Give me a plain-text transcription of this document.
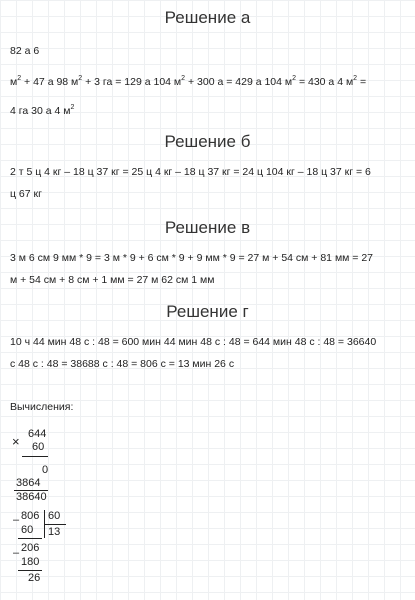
Решение а
82 а 6
$м^2 + 47$ а 98 $м^2 + 3$ га = 129 а 104 $м^2 + 300$ а = 429 а 104 $м^2 = 430$ а 4 $м^2$ =
4 га 30 а 4 $м^2$
Решение б
2 т 5 ц 4 кг – 18 ц 37 кг = 25 ц 4 кг – 18 ц 37 кг = 24 ц 104 кг – 18 ц 37 кг = 6
ц 67 кг
Решение в
3 м 6 см 9 мм * 9 = 3 м * 9 + 6 см * 9 + 9 мм * 9 = 27 м + 54 см + 81 мм = 27
м + 54 см + 8 см + 1 мм = 27 м 62 см 1 мм
Решение г
10 ч 44 мин 48 с : 48 = 600 мин 44 мин 48 с : 48 = 644 мин 48 с : 48 = 36640
с 48 с : 48 = 38688 с : 48 = 806 с = 13 мин 26 с
Вычисления:
× 644
60
0
3864
38640
– 806 60
60 13
– 206
180
26
